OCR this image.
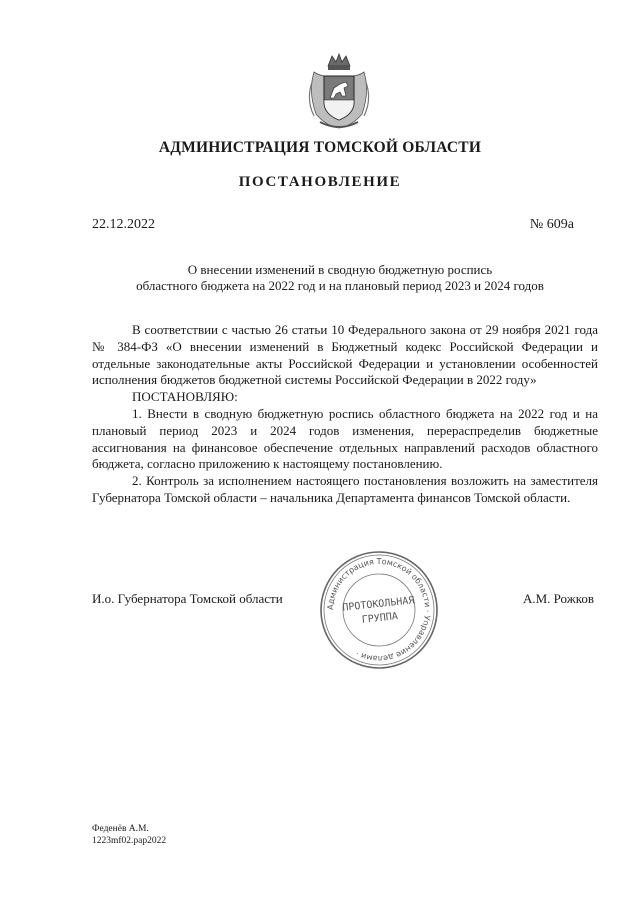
АДМИНИСТРАЦИЯ ТОМСКОЙ ОБЛАСТИ
ПОСТАНОВЛЕНИЕ
22.12.2022	№ 609а
О внесении изменений в сводную бюджетную роспись
областного бюджета на 2022 год и на плановый период 2023 и 2024 годов

В соответствии с частью 26 статьи 10 Федерального закона от 29 ноября 2021 года № 384-ФЗ «О внесении изменений в Бюджетный кодекс Российской Федерации и отдельные законодательные акты Российской Федерации и установлении особенностей исполнения бюджетов бюджетной системы Российской Федерации в 2022 году»

ПОСТАНОВЛЯЮ:

1. Внести в сводную бюджетную роспись областного бюджета на 2022 год и на плановый период 2023 и 2024 годов изменения, перераспределив бюджетные ассигнования на финансовое обеспечение отдельных направлений расходов областного бюджета, согласно приложению к настоящему постановлению.

2. Контроль за исполнением настоящего постановления возложить на заместителя Губернатора Томской области – начальника Департамента финансов Томской области.

И.о. Губернатора Томской области	А.М. Рожков
Администрация Томской области · Управление делами ·
ПРОТОКОЛЬНАЯ
ГРУППА
Феденёв А.М.
1223mf02.pap2022
